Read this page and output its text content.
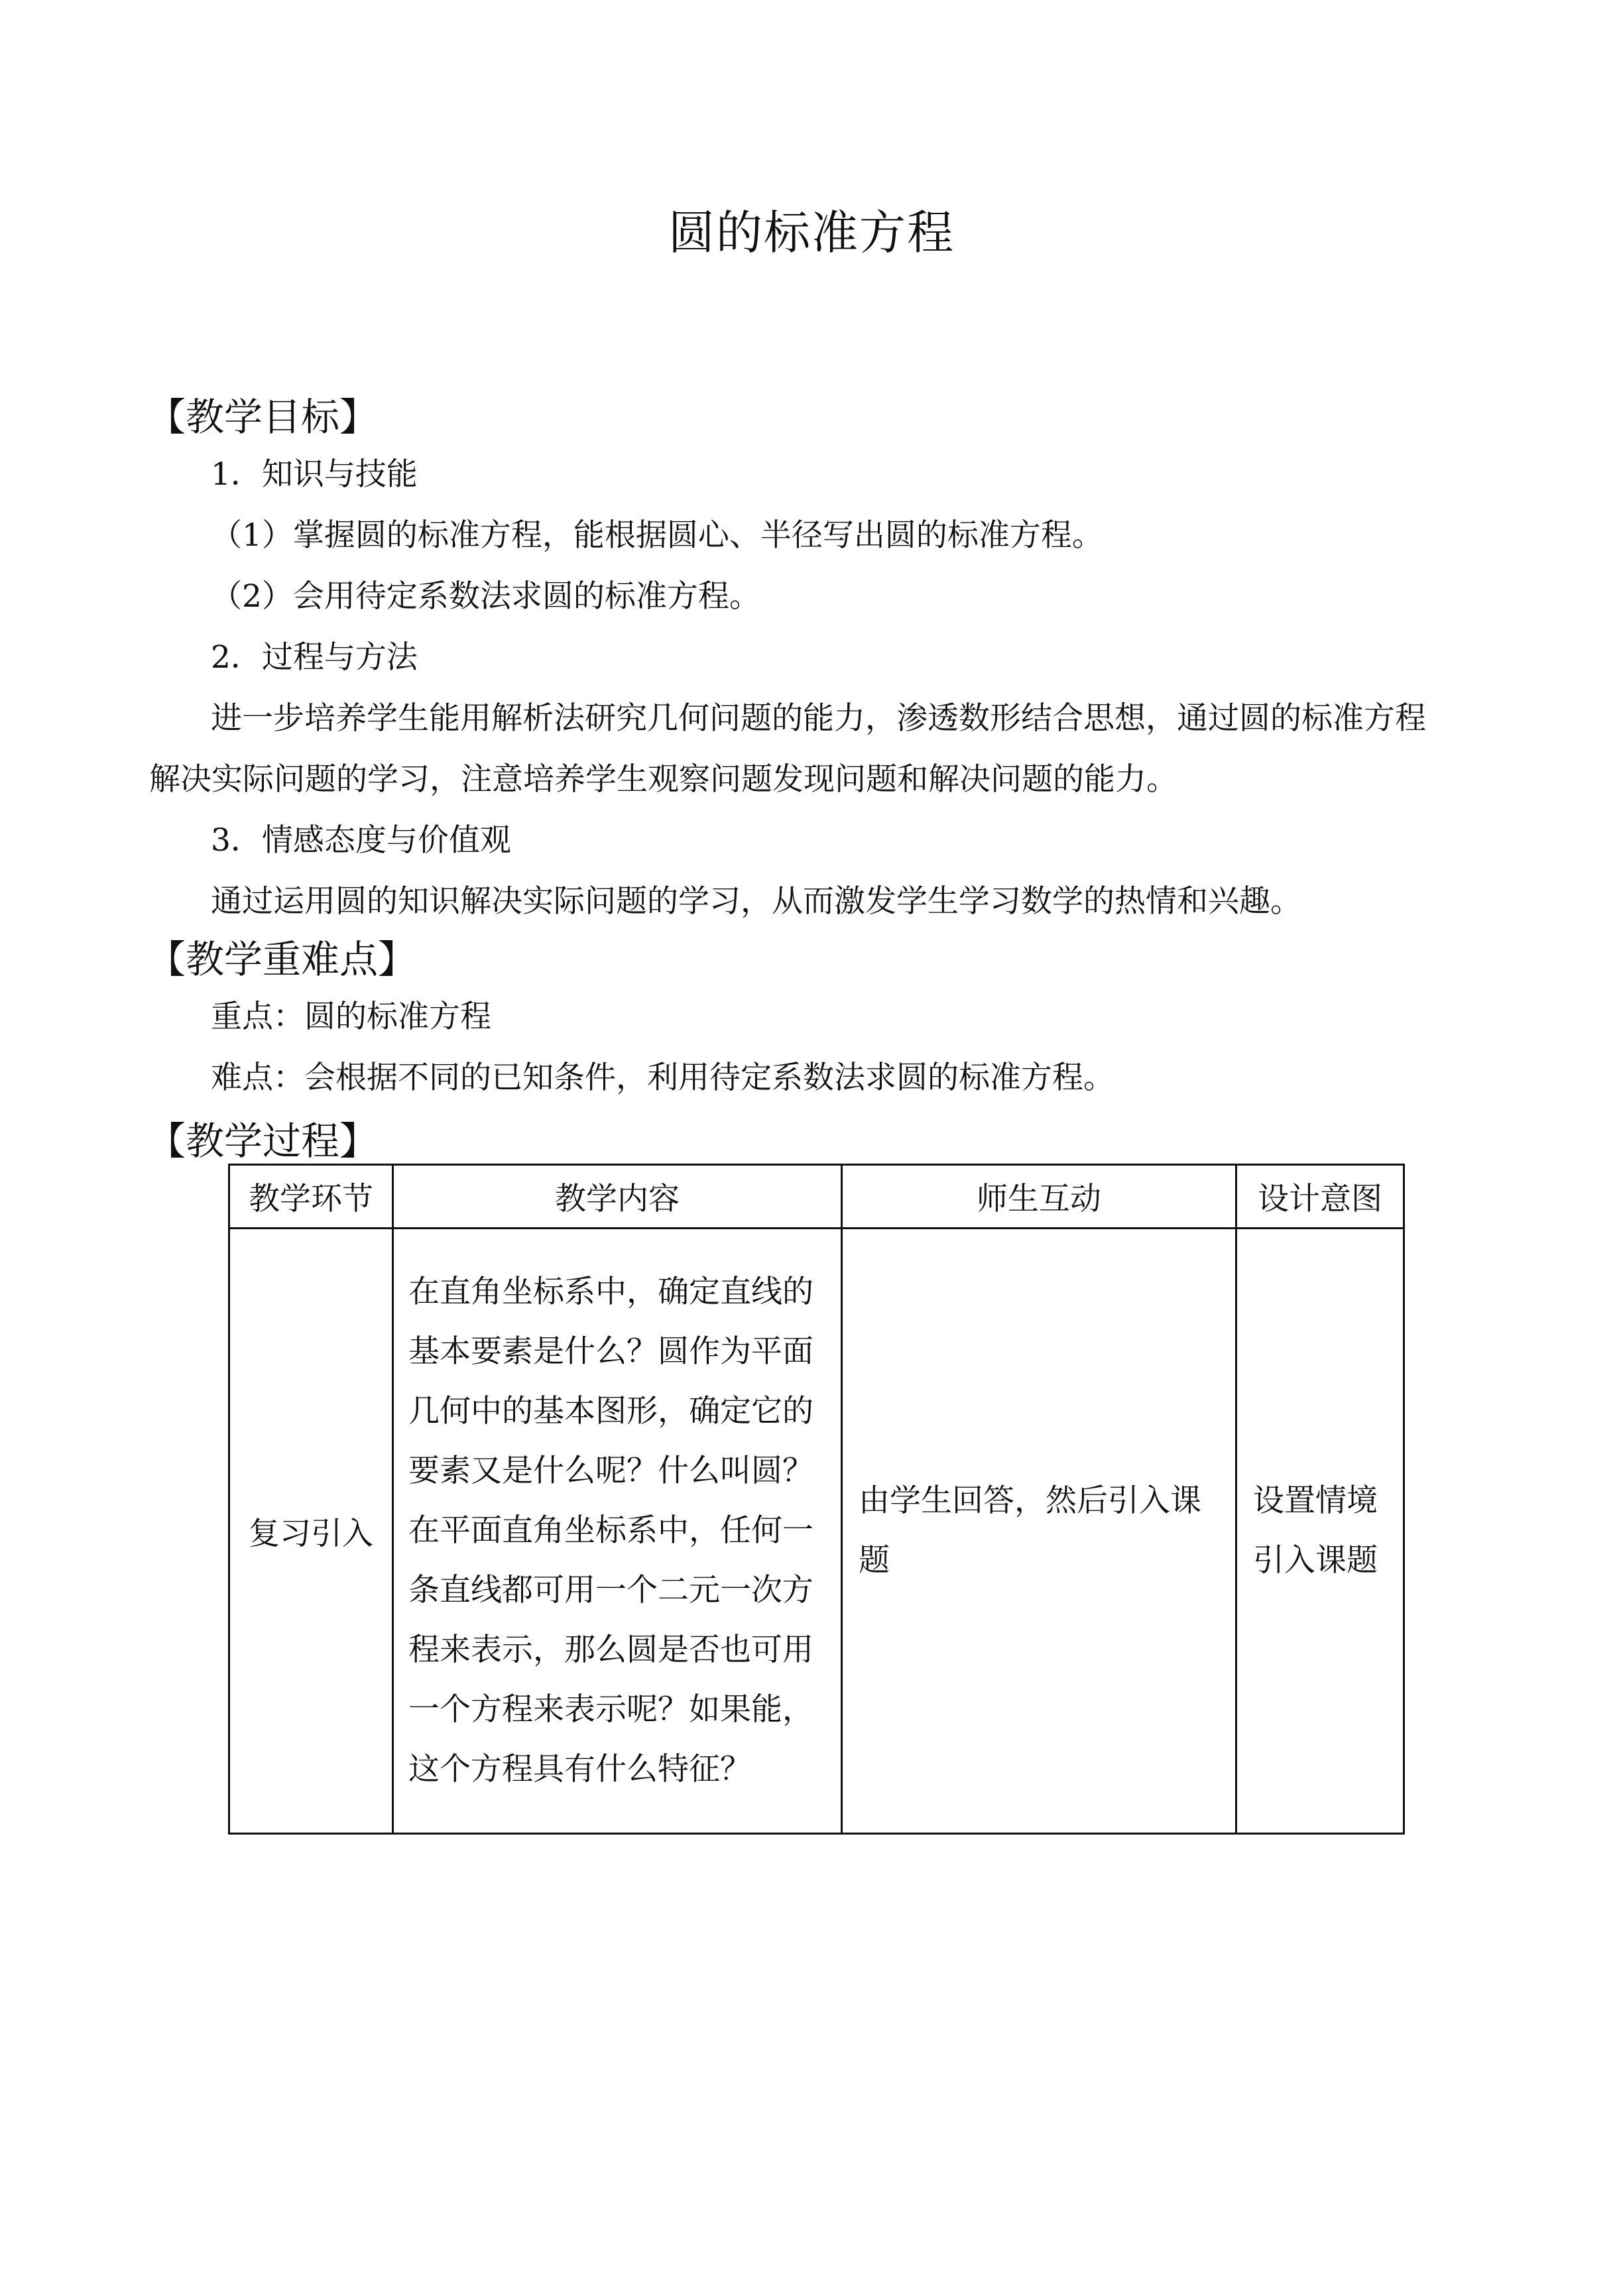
圆的标准方程
【教学目标】
1．知识与技能
（1）掌握圆的标准方程，能根据圆心、半径写出圆的标准方程。
（2）会用待定系数法求圆的标准方程。
2．过程与方法
进一步培养学生能用解析法研究几何问题的能力，渗透数形结合思想，通过圆的标准方程
解决实际问题的学习，注意培养学生观察问题发现问题和解决问题的能力。
3．情感态度与价值观
通过运用圆的知识解决实际问题的学习，从而激发学生学习数学的热情和兴趣。
【教学重难点】
重点：圆的标准方程
难点：会根据不同的已知条件，利用待定系数法求圆的标准方程。
【教学过程】
教学环节	教学内容	师生互动	设计意图
复习引入	在直角坐标系中，确定直线的基本要素是什么？圆作为平面几何中的基本图形，确定它的要素又是什么呢？什么叫圆？在平面直角坐标系中，任何一条直线都可用一个二元一次方程来表示，那么圆是否也可用一个方程来表示呢？如果能，这个方程具有什么特征？	由学生回答，然后引入课题	设置情境引入课题
